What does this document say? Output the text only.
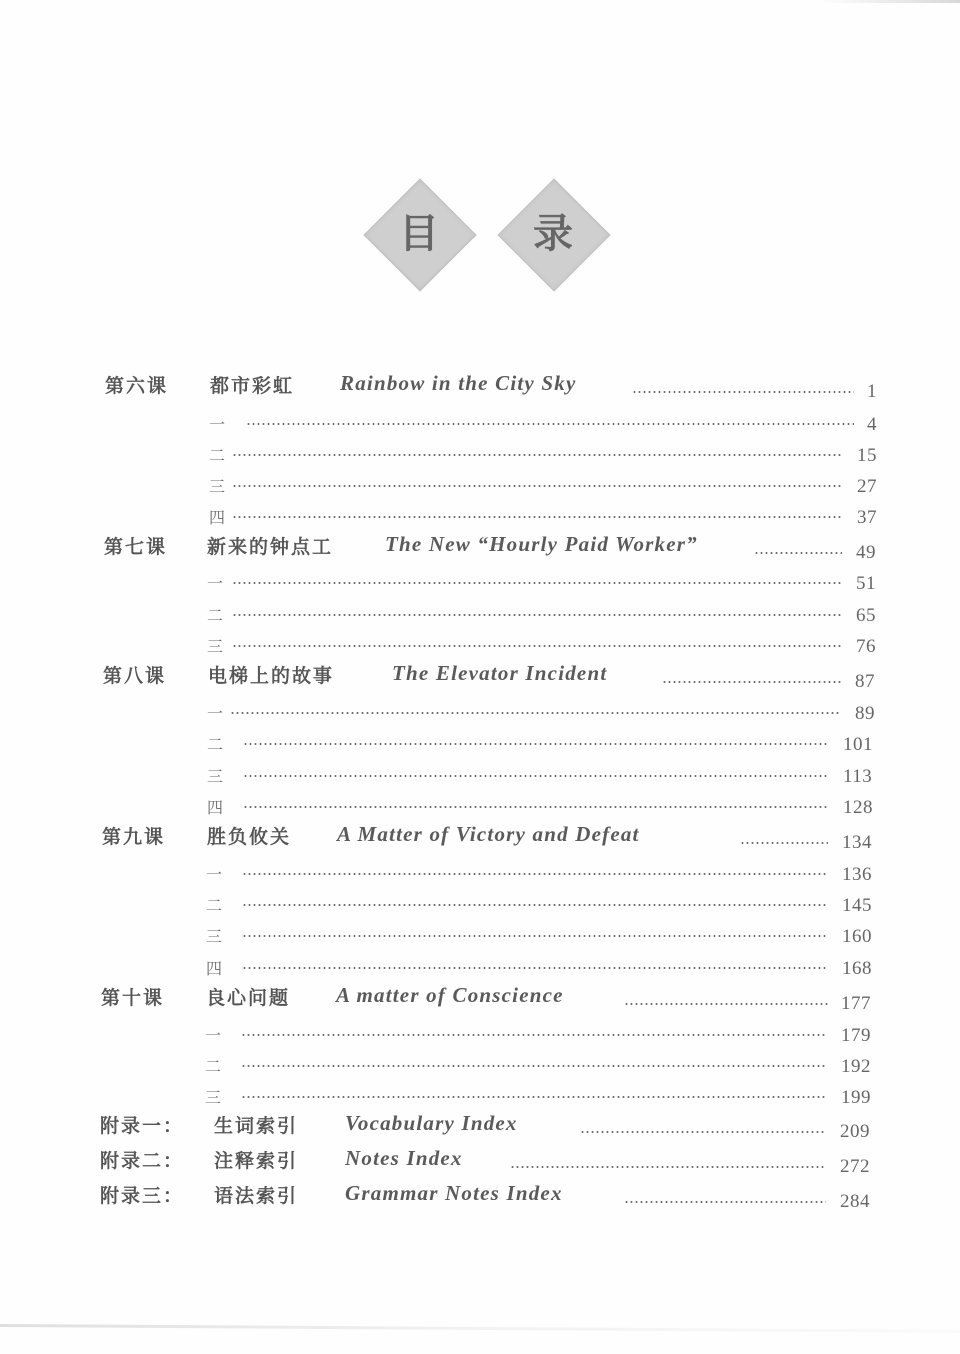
目	录
第六课 都市彩虹 Rainbow in the City Sky	1
一	4
二	15
三	27
四	37
第七课 新来的钟点工 The New “Hourly Paid Worker”	49
一	51
二	65
三	76
第八课 电梯上的故事	The Elevator Incident	87
一	89
二	101
三	113
四	128
第九课 胜负攸关 A Matter of Victory and Defeat	134
一	136
二	145
三	160
四	168
第十课 良心问题 A matter of Conscience	177
一	179
二	192
三	199
附录一： 生词索引 Vocabulary Index	209
附录二： 注释索引 Notes Index	272
附录三： 语法索引 Grammar Notes Index	284
